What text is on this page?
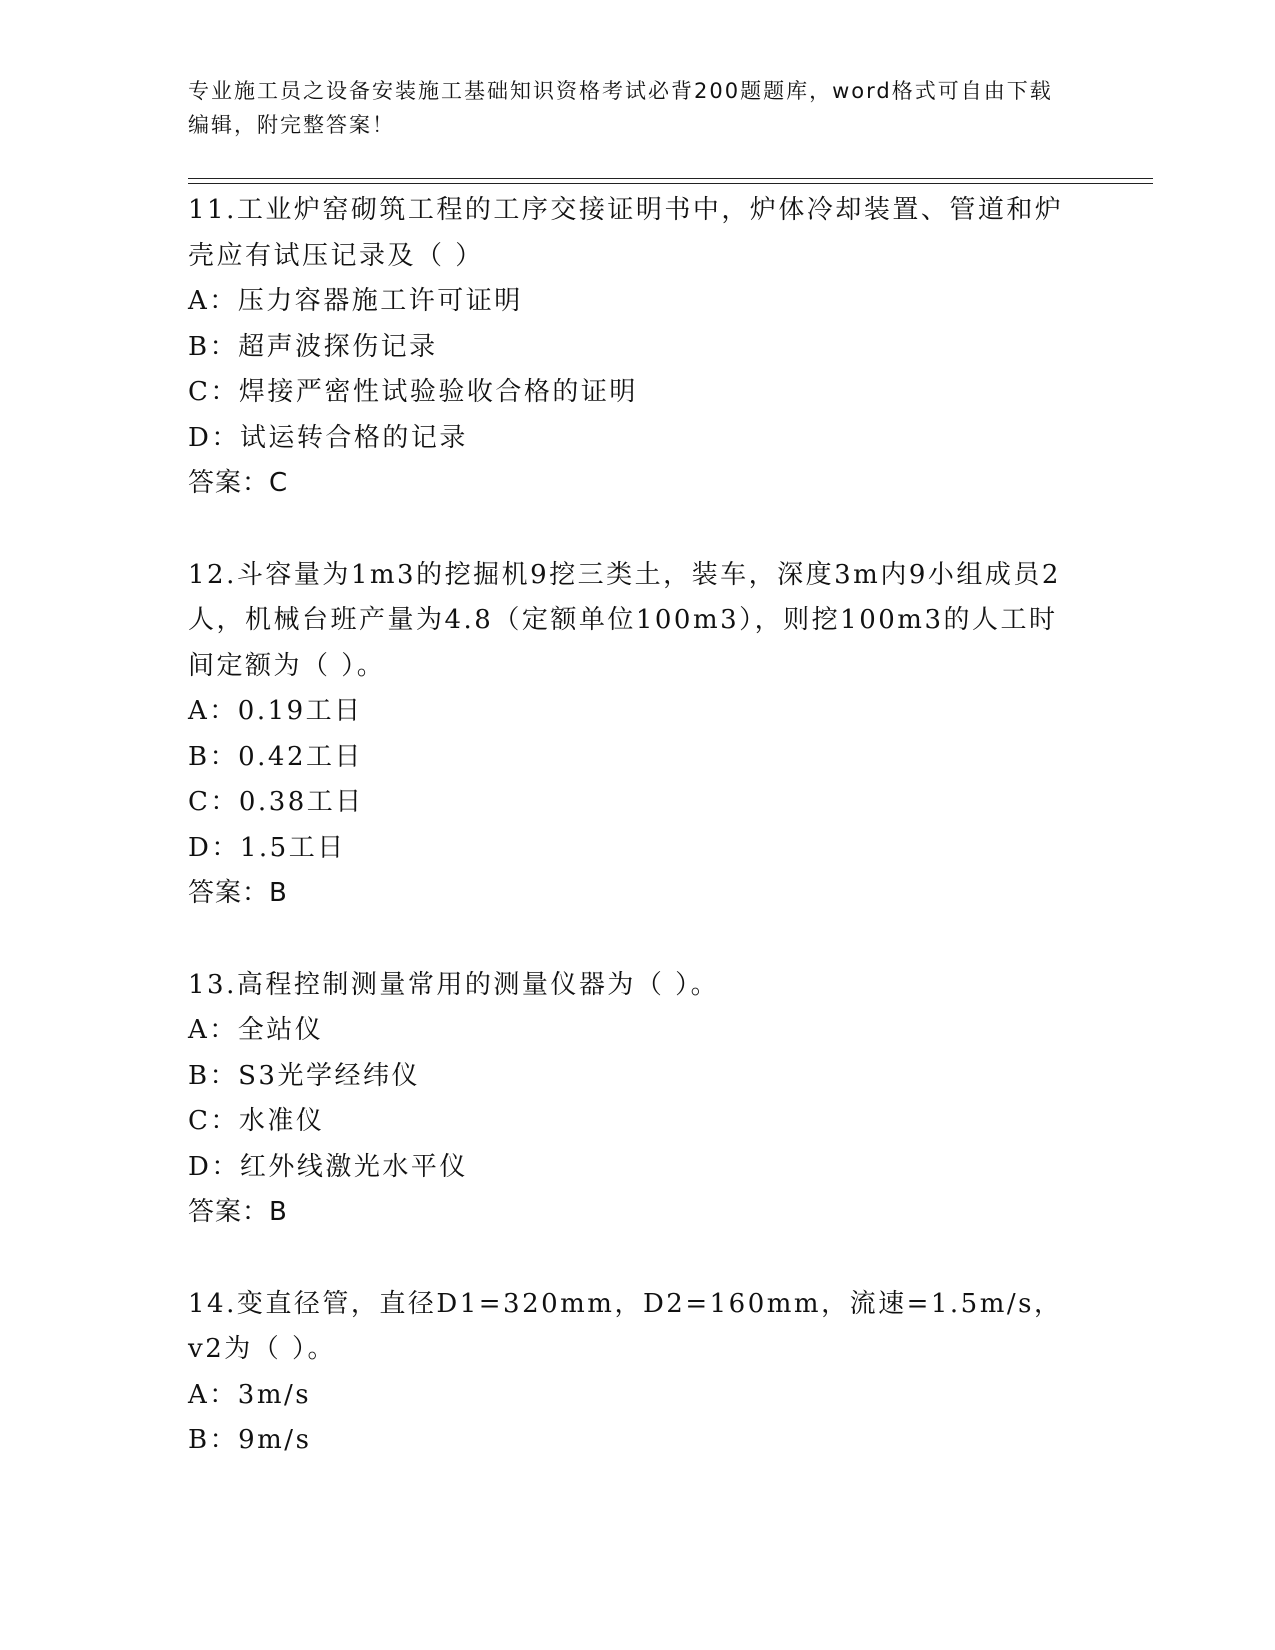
专业施工员之设备安装施工基础知识资格考试必背200题题库，word格式可自由下载编辑，附完整答案！
11.工业炉窑砌筑工程的工序交接证明书中，炉体冷却装置、管道和炉壳应有试压记录及（ ）
A：压力容器施工许可证明
B：超声波探伤记录
C：焊接严密性试验验收合格的证明
D：试运转合格的记录
答案：C
12.斗容量为1m3的挖掘机9挖三类土，装车，深度3m内9小组成员2人，机械台班产量为4.8（定额单位100m3），则挖100m3的人工时间定额为（ ）。
A：0.19工日
B：0.42工日
C：0.38工日
D：1.5工日
答案：B
13.高程控制测量常用的测量仪器为（ ）。
A：全站仪
B：S3光学经纬仪
C：水准仪
D：红外线激光水平仪
答案：B
14.变直径管，直径D1=320mm，D2=160mm，流速=1.5m/s，v2为（ ）。
A：3m/s
B：9m/s
